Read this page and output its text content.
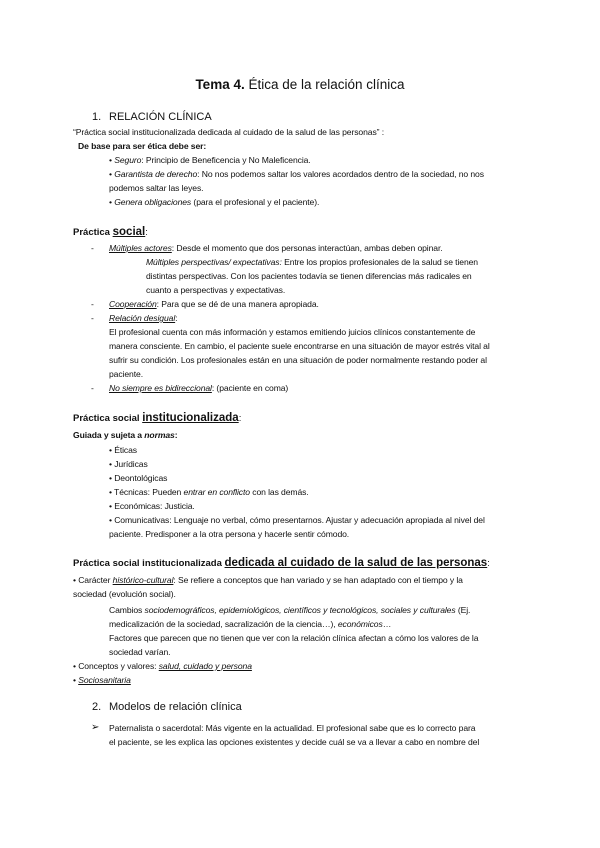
Tema 4. Ética de la relación clínica
1. RELACIÓN CLÍNICA
“Práctica social institucionalizada dedicada al cuidado de la salud de las personas” :
De base para ser ética debe ser:
• Seguro: Principio de Beneficencia y No Maleficencia.
• Garantista de derecho: No nos podemos saltar los valores acordados dentro de la sociedad, no nos
podemos saltar las leyes.
• Genera obligaciones (para el profesional y el paciente).
Práctica social:
- Múltiples actores: Desde el momento que dos personas interactúan, ambas deben opinar.
Múltiples perspectivas/ expectativas: Entre los propios profesionales de la salud se tienen
distintas perspectivas. Con los pacientes todavía se tienen diferencias más radicales en
cuanto a perspectivas y expectativas.
- Cooperación: Para que se dé de una manera apropiada.
- Relación desigual:
El profesional cuenta con más información y estamos emitiendo juicios clínicos constantemente de
manera consciente. En cambio, el paciente suele encontrarse en una situación de mayor estrés vital al
sufrir su condición. Los profesionales están en una situación de poder normalmente restando poder al
paciente.
- No siempre es bidireccional: (paciente en coma)
Práctica social institucionalizada:
Guiada y sujeta a normas:
• Éticas
• Jurídicas
• Deontológicas
• Técnicas: Pueden entrar en conflicto con las demás.
• Económicas: Justicia.
• Comunicativas: Lenguaje no verbal, cómo presentarnos. Ajustar y adecuación apropiada al nivel del
paciente. Predisponer a la otra persona y hacerle sentir cómodo.
Práctica social institucionalizada dedicada al cuidado de la salud de las personas:
• Carácter histórico-cultural: Se refiere a conceptos que han variado y se han adaptado con el tiempo y la
sociedad (evolución social).
Cambios sociodemográficos, epidemiológicos, científicos y tecnológicos, sociales y culturales (Ej.
medicalización de la sociedad, sacralización de la ciencia…), económicos…
Factores que parecen que no tienen que ver con la relación clínica afectan a cómo los valores de la
sociedad varían.
• Conceptos y valores: salud, cuidado y persona
• Sociosanitaria
2. Modelos de relación clínica
➢ Paternalista o sacerdotal: Más vigente en la actualidad. El profesional sabe que es lo correcto para
el paciente, se les explica las opciones existentes y decide cuál se va a llevar a cabo en nombre del
